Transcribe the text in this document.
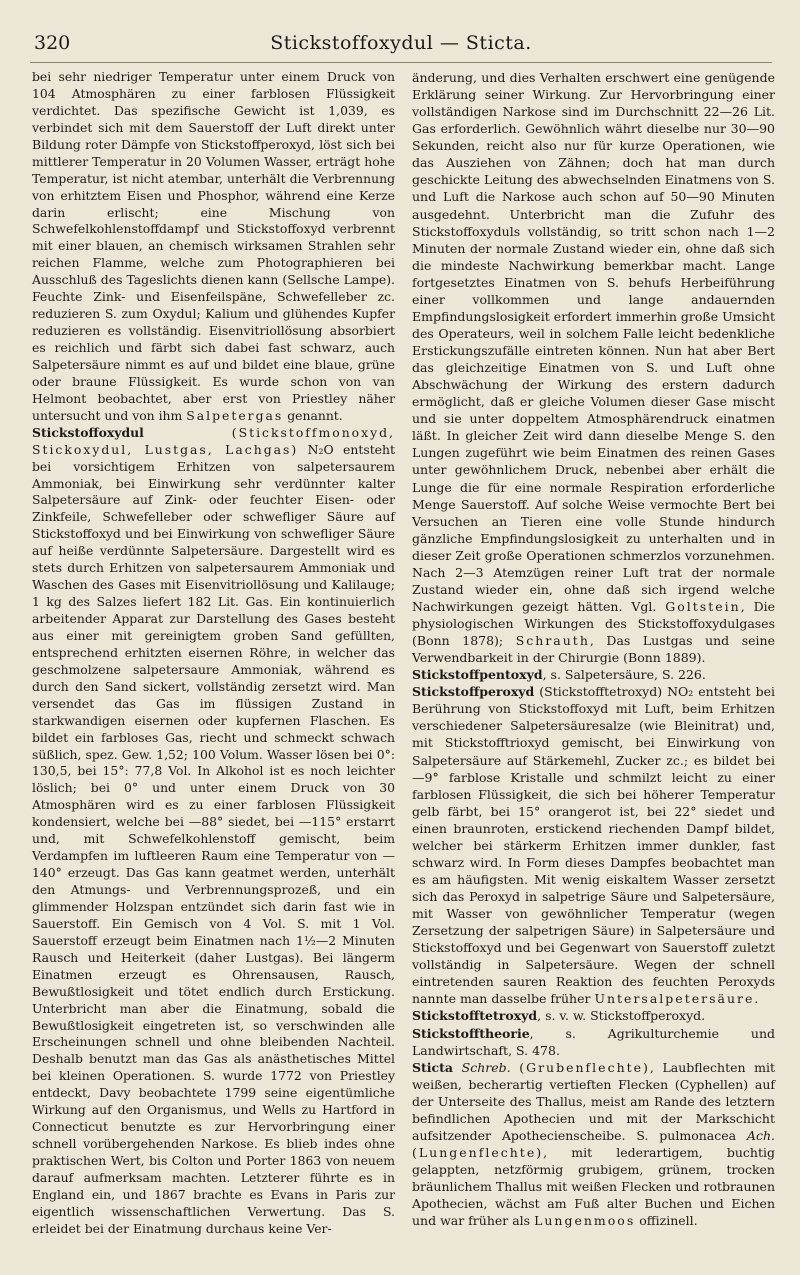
320	Stickstoffoxydul — Sticta.

bei sehr niedriger Temperatur unter einem Druck von 104 Atmosphären zu einer farblosen Flüssigkeit verdichtet. Das spezifische Gewicht ist 1,039, es verbindet sich mit dem Sauerstoff der Luft direkt unter Bildung roter Dämpfe von Stickstoffperoxyd, löst sich bei mittlerer Temperatur in 20 Volumen Wasser, erträgt hohe Temperatur, ist nicht atembar, unterhält die Verbrennung von erhitztem Eisen und Phosphor, während eine Kerze darin erlischt; eine Mischung von Schwefelkohlenstoffdampf und Stickstoffoxyd verbrennt mit einer blauen, an chemisch wirksamen Strahlen sehr reichen Flamme, welche zum Photographieren bei Ausschluß des Tageslichts dienen kann (Sellsche Lampe). Feuchte Zink- und Eisenfeilspäne, Schwefelleber zc. reduzieren S. zum Oxydul; Kalium und glühendes Kupfer reduzieren es vollständig. Eisenvitriollösung absorbiert es reichlich und färbt sich dabei fast schwarz, auch Salpetersäure nimmt es auf und bildet eine blaue, grüne oder braune Flüssigkeit. Es wurde schon von van Helmont beobachtet, aber erst von Priestley näher untersucht und von ihm Salpetergas genannt.

Stickstoffoxydul	(Stickstoffmonoxyd, Stickoxydul, Lustgas, Lachgas) N₂O entsteht bei vorsichtigem Erhitzen von salpetersaurem Ammoniak, bei Einwirkung sehr verdünnter kalter Salpetersäure auf Zink- oder feuchter Eisen- oder Zinkfeile, Schwefelleber oder schwefliger Säure auf Stickstoffoxyd und bei Einwirkung von schwefliger Säure auf heiße verdünnte Salpetersäure. Dargestellt wird es stets durch Erhitzen von salpetersaurem Ammoniak und Waschen des Gases mit Eisenvitriollösung und Kalilauge; 1 kg des Salzes liefert 182 Lit. Gas. Ein kontinuierlich arbeitender Apparat zur Darstellung des Gases besteht aus einer mit gereinigtem groben Sand gefüllten, entsprechend erhitzten eisernen Röhre, in welcher das geschmolzene salpetersaure Ammoniak, während es durch den Sand sickert, vollständig zersetzt wird. Man versendet das Gas im flüssigen Zustand in starkwandigen eisernen oder kupfernen Flaschen. Es bildet ein farbloses Gas, riecht und schmeckt schwach süßlich, spez. Gew. 1,52; 100 Volum. Wasser lösen bei 0°: 130,5, bei 15°: 77,8 Vol. In Alkohol ist es noch leichter löslich; bei 0° und unter einem Druck von 30 Atmosphären wird es zu einer farblosen Flüssigkeit kondensiert, welche bei —88° siedet, bei —115° erstarrt und, mit Schwefelkohlenstoff gemischt, beim Verdampfen im luftleeren Raum eine Temperatur von —140° erzeugt. Das Gas kann geatmet werden, unterhält den Atmungs- und Verbrennungsprozeß, und ein glimmender Holzspan entzündet sich darin fast wie in Sauerstoff. Ein Gemisch von 4 Vol. S. mit 1 Vol. Sauerstoff erzeugt beim Einatmen nach 1½—2 Minuten Rausch und Heiterkeit (daher Lustgas). Bei längerm Einatmen erzeugt es Ohrensausen, Rausch, Bewußtlosigkeit und tötet endlich durch Erstickung. Unterbricht man aber die Einatmung, sobald die Bewußtlosigkeit eingetreten ist, so verschwinden alle Erscheinungen schnell und ohne bleibenden Nachteil. Deshalb benutzt man das Gas als anästhetisches Mittel bei kleinen Operationen. S. wurde 1772 von Priestley entdeckt, Davy beobachtete 1799 seine eigentümliche Wirkung auf den Organismus, und Wells zu Hartford in Connecticut benutzte es zur Hervorbringung einer schnell vorübergehenden Narkose. Es blieb indes ohne praktischen Wert, bis Colton und Porter 1863 von neuem darauf aufmerksam machten. Letzterer führte es in England ein, und 1867 brachte es Evans in Paris zur eigentlich wissenschaftlichen Verwertung. Das S. erleidet bei der Einatmung durchaus keine Ver-

änderung, und dies Verhalten erschwert eine genügende Erklärung seiner Wirkung. Zur Hervorbringung einer vollständigen Narkose sind im Durchschnitt 22—26 Lit. Gas erforderlich. Gewöhnlich währt dieselbe nur 30—90 Sekunden, reicht also nur für kurze Operationen, wie das Ausziehen von Zähnen; doch hat man durch geschickte Leitung des abwechselnden Einatmens von S. und Luft die Narkose auch schon auf 50—90 Minuten ausgedehnt. Unterbricht man die Zufuhr des Stickstoffoxyduls vollständig, so tritt schon nach 1—2 Minuten der normale Zustand wieder ein, ohne daß sich die mindeste Nachwirkung bemerkbar macht. Lange fortgesetztes Einatmen von S. behufs Herbeiführung einer vollkommen und lange andauernden Empfindungslosigkeit erfordert immerhin große Umsicht des Operateurs, weil in solchem Falle leicht bedenkliche Erstickungszufälle eintreten können. Nun hat aber Bert das gleichzeitige Einatmen von S. und Luft ohne Abschwächung der Wirkung des erstern dadurch ermöglicht, daß er gleiche Volumen dieser Gase mischt und sie unter doppeltem Atmosphärendruck einatmen läßt. In gleicher Zeit wird dann dieselbe Menge S. den Lungen zugeführt wie beim Einatmen des reinen Gases unter gewöhnlichem Druck, nebenbei aber erhält die Lunge die für eine normale Respiration erforderliche Menge Sauerstoff. Auf solche Weise vermochte Bert bei Versuchen an Tieren eine volle Stunde hindurch gänzliche Empfindungslosigkeit zu unterhalten und in dieser Zeit große Operationen schmerzlos vorzunehmen. Nach 2—3 Atemzügen reiner Luft trat der normale Zustand wieder ein, ohne daß sich irgend welche Nachwirkungen gezeigt hätten. Vgl. Goltstein, Die physiologischen Wirkungen des Stickstoffoxydulgases (Bonn 1878); Schrauth, Das Lustgas und seine Verwendbarkeit in der Chirurgie (Bonn 1889).

Stickstoffpentoxyd, s. Salpetersäure, S. 226.

Stickstoffperoxyd (Stickstofftetroxyd) NO₂ entsteht bei Berührung von Stickstoffoxyd mit Luft, beim Erhitzen verschiedener Salpetersäuresalze (wie Bleinitrat) und, mit Stickstofftrioxyd gemischt, bei Einwirkung von Salpetersäure auf Stärkemehl, Zucker zc.; es bildet bei —9° farblose Kristalle und schmilzt leicht zu einer farblosen Flüssigkeit, die sich bei höherer Temperatur gelb färbt, bei 15° orangerot ist, bei 22° siedet und einen braunroten, erstickend riechenden Dampf bildet, welcher bei stärkerm Erhitzen immer dunkler, fast schwarz wird. In Form dieses Dampfes beobachtet man es am häufigsten. Mit wenig eiskaltem Wasser zersetzt sich das Peroxyd in salpetrige Säure und Salpetersäure, mit Wasser von gewöhnlicher Temperatur (wegen Zersetzung der salpetrigen Säure) in Salpetersäure und Stickstoffoxyd und bei Gegenwart von Sauerstoff zuletzt vollständig in Salpetersäure. Wegen der schnell eintretenden sauren Reaktion des feuchten Peroxyds nannte man dasselbe früher Untersalpetersäure.

Stickstofftetroxyd, s. v. w. Stickstoffperoxyd.

Stickstofftheorie, s. Agrikulturchemie und Landwirtschaft, S. 478.

Sticta Schreb. (Grubenflechte), Laubflechten mit weißen, becherartig vertieften Flecken (Cyphellen) auf der Unterseite des Thallus, meist am Rande des letztern befindlichen Apothecien und mit der Markschicht aufsitzender Apothecienscheibe. S. pulmonacea Ach. (Lungenflechte), mit lederartigem, buchtig gelappten, netzförmig grubigem, grünem, trocken bräunlichem Thallus mit weißen Flecken und rotbraunen Apothecien, wächst am Fuß alter Buchen und Eichen und war früher als Lungenmoos offizinell.
